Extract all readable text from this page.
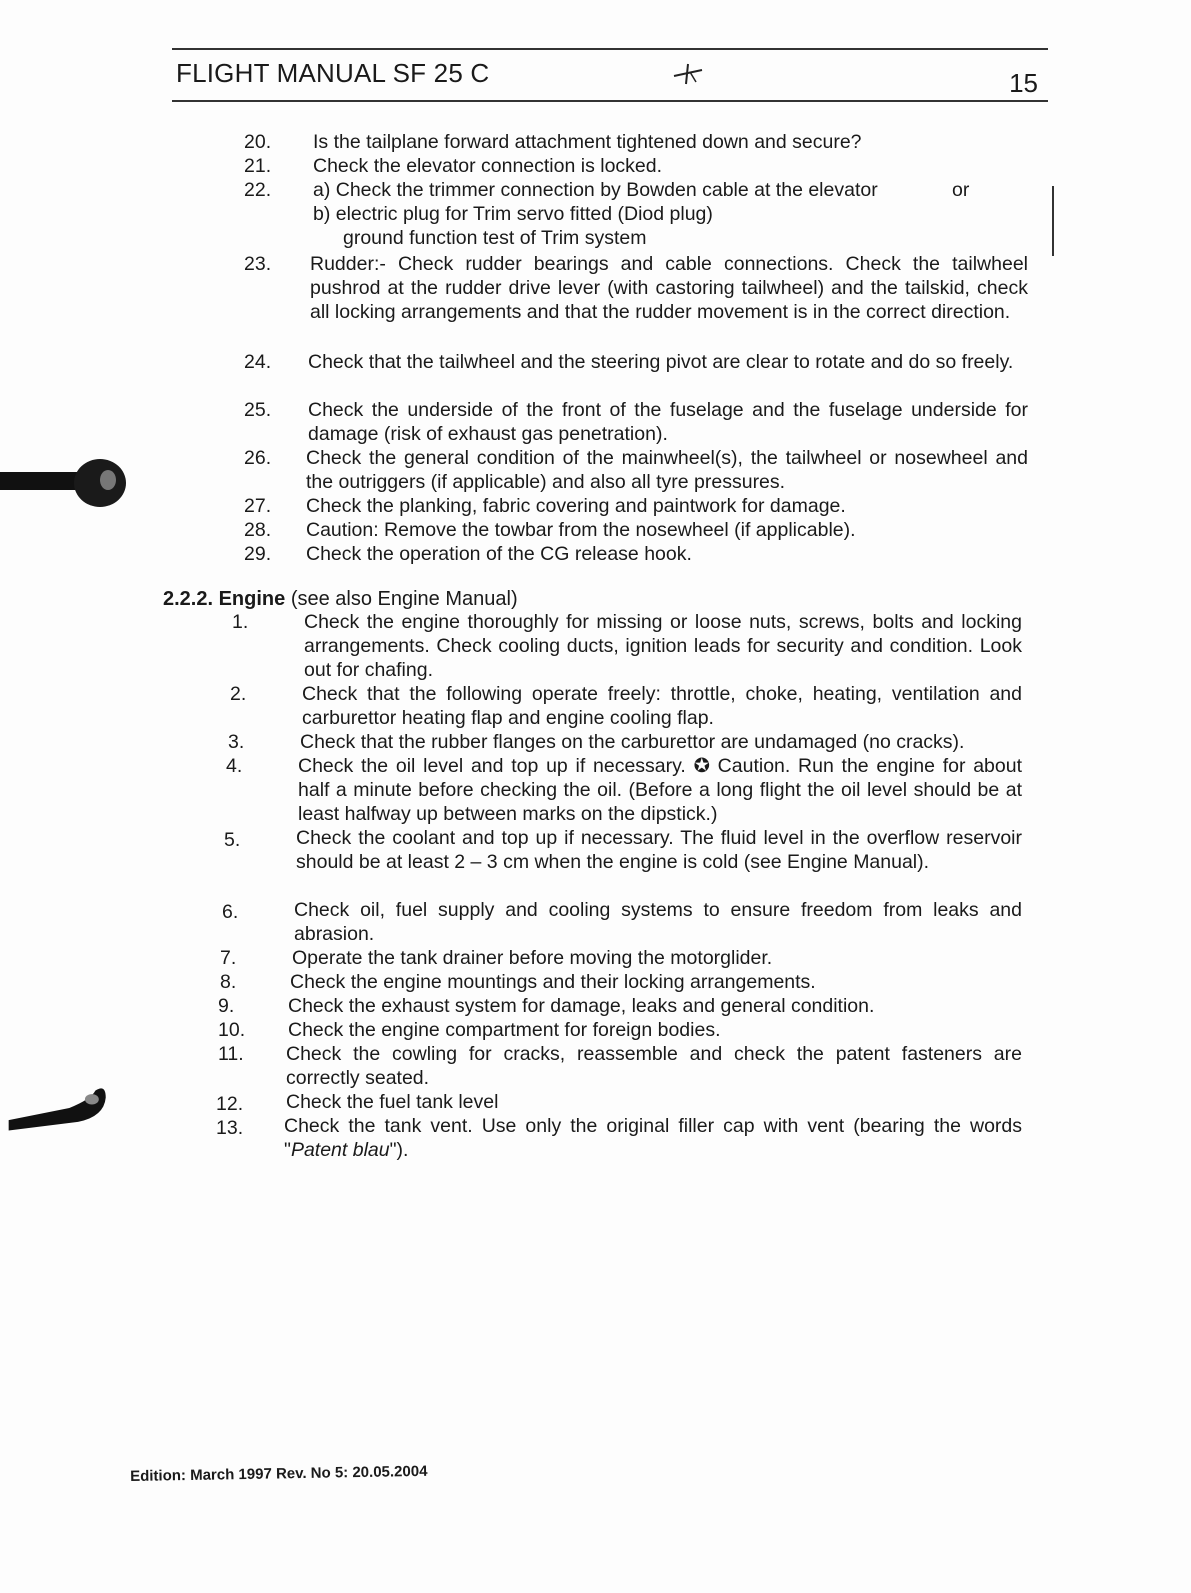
FLIGHT MANUAL SF 25 C	15
20. Is the tailplane forward attachment tightened down and secure?
21. Check the elevator connection is locked.
22. a) Check the trimmer connection by Bowden cable at the elevator
b) electric plug for Trim servo fitted (Diod plug)
ground function test of Trim system
or
23. Rudder:- Check rudder bearings and cable connections. Check the tailwheel pushrod at the rudder drive lever (with castoring tailwheel) and the tailskid, check all locking arrangements and that the rudder movement is in the correct direction.
24. Check that the tailwheel and the steering pivot are clear to rotate and do so freely.
25. Check the underside of the front of the fuselage and the fuselage underside for damage (risk of exhaust gas penetration).
26. Check the general condition of the mainwheel(s), the tailwheel or nosewheel and the outriggers (if applicable) and also all tyre pressures.
27. Check the planking, fabric covering and paintwork for damage.
28. Caution: Remove the towbar from the nosewheel (if applicable).
29. Check the operation of the CG release hook.
2.2.2. Engine (see also Engine Manual)
1.	Check the engine thoroughly for missing or loose nuts, screws, bolts and locking arrangements. Check cooling ducts, ignition leads for security and condition. Look out for chafing.
2.	Check that the following operate freely: throttle, choke, heating, ventilation and carburettor heating flap and engine cooling flap.
3.	Check that the rubber flanges on the carburettor are undamaged (no cracks).
4.	Check the oil level and top up if necessary. ✪ Caution. Run the engine for about half a minute before checking the oil. (Before a long flight the oil level should be at least halfway up between marks on the dipstick.)
5.	Check the coolant and top up if necessary. The fluid level in the overflow reservoir should be at least 2 – 3 cm when the engine is cold (see Engine Manual).
6.	Check oil, fuel supply and cooling systems to ensure freedom from leaks and abrasion.
7.	Operate the tank drainer before moving the motorglider.
8.	Check the engine mountings and their locking arrangements.
9.	Check the exhaust system for damage, leaks and general condition.
10. Check the engine compartment for foreign bodies.
11. Check the cowling for cracks, reassemble and check the patent fasteners are correctly seated.
12. Check the fuel tank level
13. Check the tank vent. Use only the original filler cap with vent (bearing the words "Patent blau").
Edition: March 1997 Rev. No 5: 20.05.2004
